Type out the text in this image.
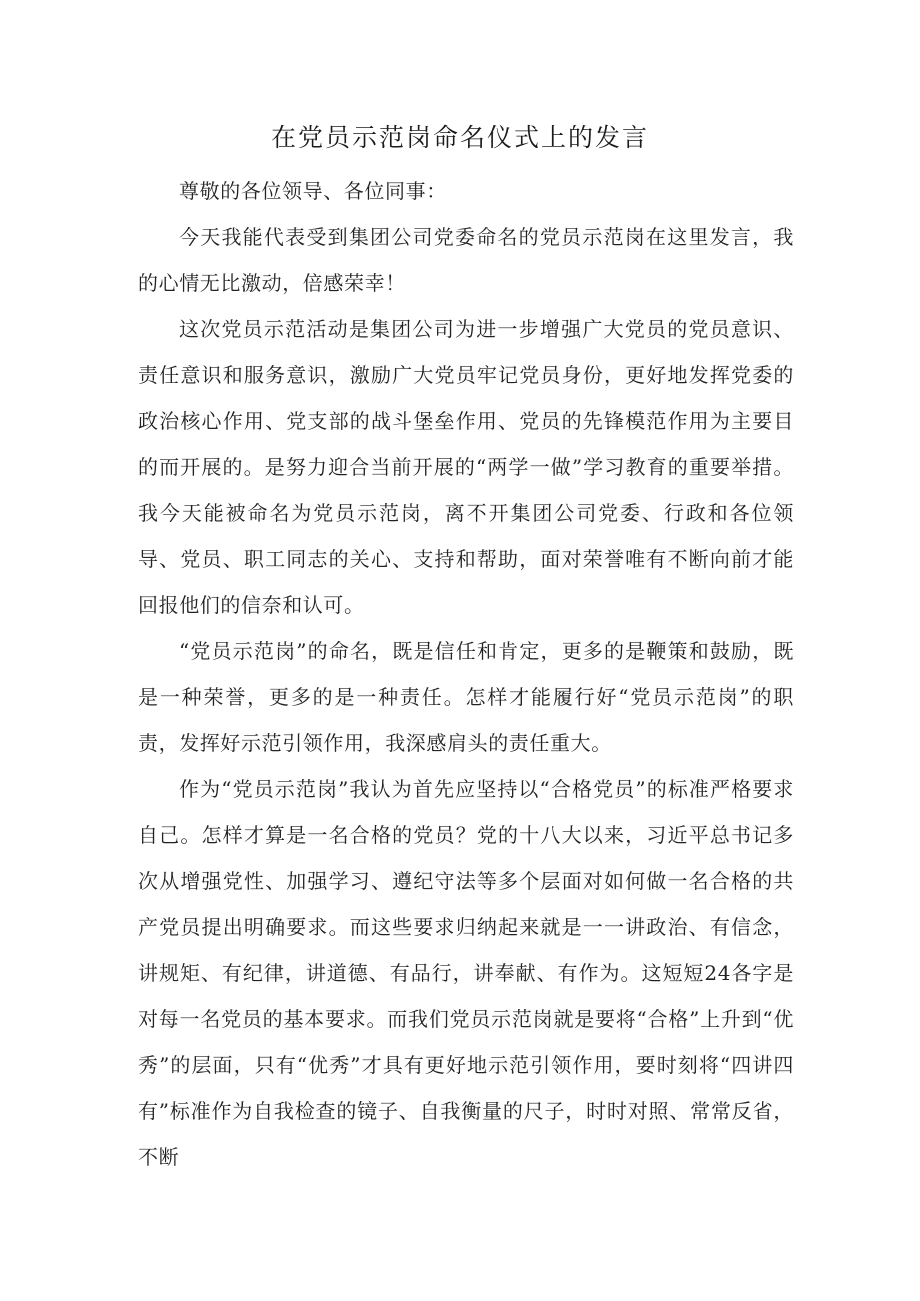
在党员示范岗命名仪式上的发言

尊敬的各位领导、各位同事：

今天我能代表受到集团公司党委命名的党员示范岗在这里发言，我的心情无比激动，倍感荣幸！

这次党员示范活动是集团公司为进一步增强广大党员的党员意识、责任意识和服务意识，激励广大党员牢记党员身份，更好地发挥党委的政治核心作用、党支部的战斗堡垒作用、党员的先锋模范作用为主要目的而开展的。是努力迎合当前开展的“两学一做”学习教育的重要举措。我今天能被命名为党员示范岗，离不开集团公司党委、行政和各位领导、党员、职工同志的关心、支持和帮助，面对荣誉唯有不断向前才能回报他们的信奈和认可。

“党员示范岗”的命名，既是信任和肯定，更多的是鞭策和鼓励，既是一种荣誉，更多的是一种责任。怎样才能履行好“党员示范岗”的职责，发挥好示范引领作用，我深感肩头的责任重大。

作为“党员示范岗”我认为首先应坚持以“合格党员”的标准严格要求自己。怎样才算是一名合格的党员？党的十八大以来，习近平总书记多次从增强党性、加强学习、遵纪守法等多个层面对如何做一名合格的共产党员提出明确要求。而这些要求归纳起来就是一一讲政治、有信念，讲规矩、有纪律，讲道德、有品行，讲奉献、有作为。这短短24各字是对每一名党员的基本要求。而我们党员示范岗就是要将“合格”上升到“优秀”的层面，只有“优秀”才具有更好地示范引领作用，要时刻将“四讲四有”标准作为自我检查的镜子、自我衡量的尺子，时时对照、常常反省，不断
